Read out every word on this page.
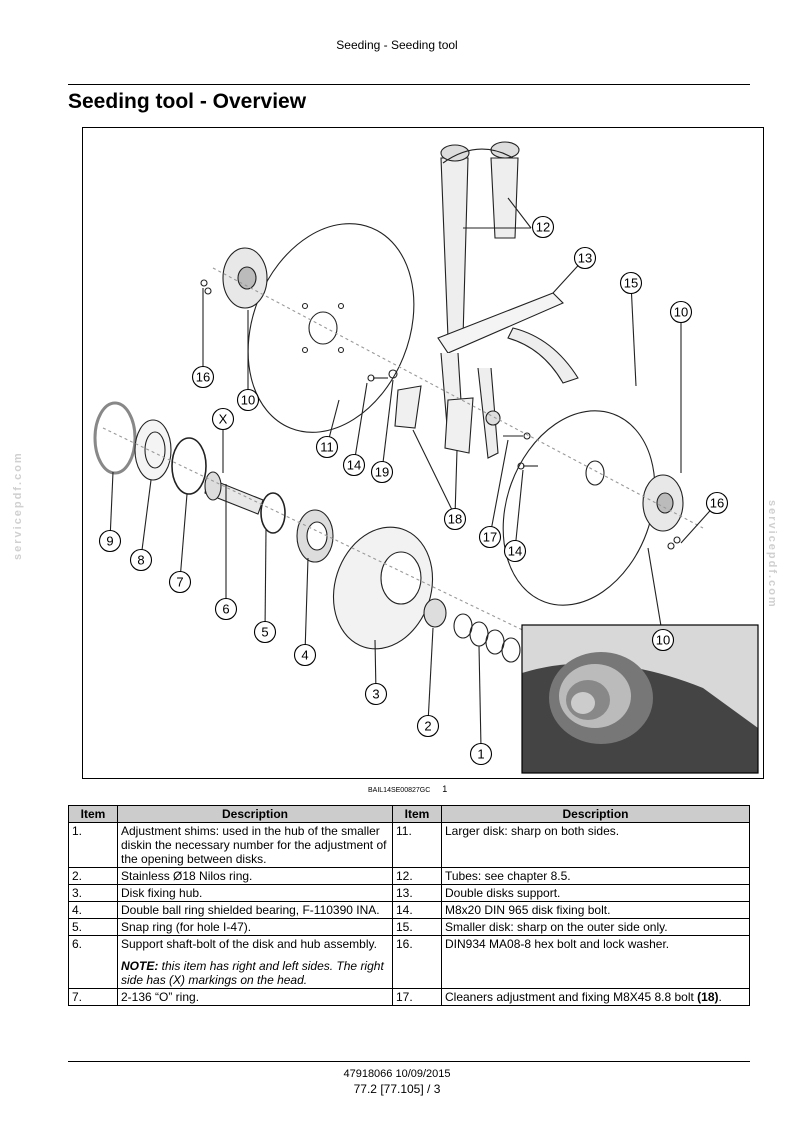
Seeding - Seeding tool
Seeding tool - Overview
servicepdf.com	servicepdf.com
1
2
3
4
5
6
7
8
9
10
10
10
11
12
13
14
14
15
16
16
17
18
19
X
BAIL14SE00827GC 1
Item	Description	Item	Description
1.	Adjustment shims: used in the hub of the smaller diskin the necessary number for the adjustment of the opening between disks.	11.	Larger disk: sharp on both sides.
2.	Stainless Ø18 Nilos ring.	12.	Tubes: see chapter 8.5.
3.	Disk fixing hub.	13.	Double disks support.
4.	Double ball ring shielded bearing, F-110390 INA.	14.	M8x20 DIN 965 disk fixing bolt.
5.	Snap ring (for hole I-47).	15.	Smaller disk: sharp on the outer side only.
6.	Support shaft-bolt of the disk and hub assembly.
NOTE: this item has right and left sides. The right side has (X) markings on the head.	16.	DIN934 MA08-8 hex bolt and lock washer.
7.	2-136 “O” ring.	17.	Cleaners adjustment and fixing M8X45 8.8 bolt (18).
47918066 10/09/2015
77.2 [77.105] / 3
